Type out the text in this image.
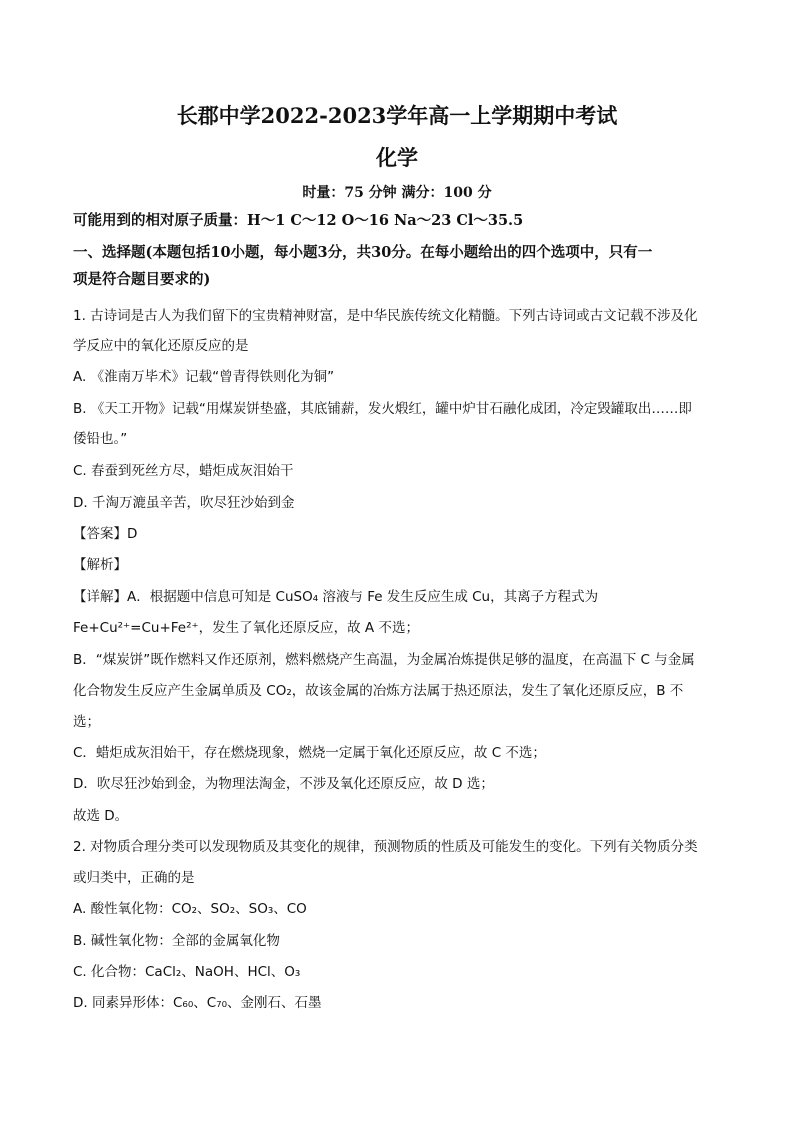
长郡中学2022-2023学年高一上学期期中考试
化学
时量：75 分钟 满分：100 分
可能用到的相对原子质量：H～1 C～12 O～16 Na～23 Cl～35.5
一、选择题(本题包括10小题，每小题3分，共30分。在每小题给出的四个选项中，只有一
项是符合题目要求的)
1. 古诗词是古人为我们留下的宝贵精神财富，是中华民族传统文化精髓。下列古诗词或古文记载不涉及化
学反应中的氧化还原反应的是
A. 《淮南万毕术》记载“曾青得铁则化为铜”
B. 《天工开物》记载“用煤炭饼垫盛，其底铺薪，发火煅红，罐中炉甘石融化成团，冷定毁罐取出……即
倭铅也。”
C. 春蚕到死丝方尽，蜡炬成灰泪始干
D. 千淘万漉虽辛苦，吹尽狂沙始到金
【答案】D
【解析】
【详解】A．根据题中信息可知是 CuSO₄ 溶液与 Fe 发生反应生成 Cu，其离子方程式为
Fe+Cu²⁺=Cu+Fe²⁺，发生了氧化还原反应，故 A 不选；
B．“煤炭饼”既作燃料又作还原剂，燃料燃烧产生高温，为金属冶炼提供足够的温度，在高温下 C 与金属
化合物发生反应产生金属单质及 CO₂，故该金属的冶炼方法属于热还原法，发生了氧化还原反应，B 不
选；
C．蜡炬成灰泪始干，存在燃烧现象，燃烧一定属于氧化还原反应，故 C 不选；
D．吹尽狂沙始到金，为物理法淘金，不涉及氧化还原反应，故 D 选；
故选 D。
2. 对物质合理分类可以发现物质及其变化的规律，预测物质的性质及可能发生的变化。下列有关物质分类
或归类中，正确的是
A. 酸性氧化物：CO₂、SO₂、SO₃、CO
B. 碱性氧化物：全部的金属氧化物
C. 化合物：CaCl₂、NaOH、HCl、O₃
D. 同素异形体：C₆₀、C₇₀、金刚石、石墨
